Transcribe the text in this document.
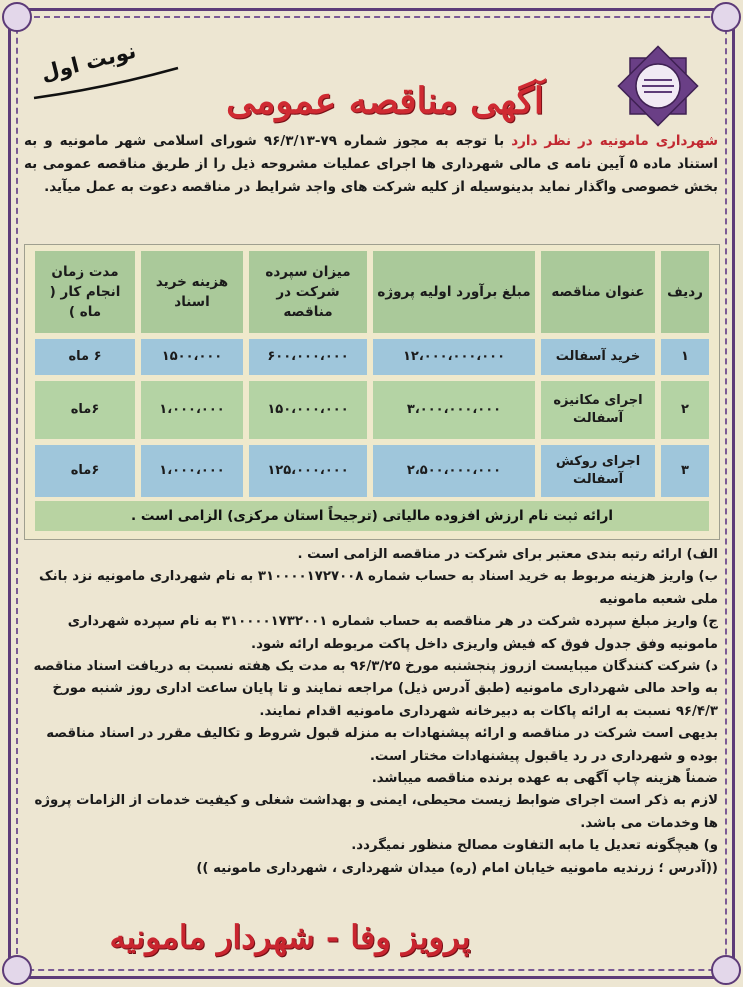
نوبت اول
آگهی مناقصه عمومی
شهرداری مامونیه در نظر دارد با توجه به مجوز شماره ۷۹-۹۶/۳/۱۳ شورای اسلامی شهر مامونیه و به استناد ماده ۵ آیین نامه ی مالی شهرداری ها اجرای عملیات مشروحه ذیل را از طریق مناقصه عمومی به بخش خصوصی واگذار نماید بدینوسیله از کلیه شرکت های واجد شرایط در مناقصه دعوت به عمل میآید.
ردیف
عنوان مناقصه
مبلغ برآورد اولیه پروژه
میزان سپرده شرکت در مناقصه
هزینه خرید اسناد
مدت زمان انجام کار ( ماه )
۱
خرید آسفالت
۱۲،۰۰۰،۰۰۰،۰۰۰
۶۰۰،۰۰۰،۰۰۰
۱۵۰۰،۰۰۰
۶ ماه
۲
اجرای مکانیزه آسفالت
۳،۰۰۰،۰۰۰،۰۰۰
۱۵۰،۰۰۰،۰۰۰
۱،۰۰۰،۰۰۰
۶ماه
۳
اجرای روکش آسفالت
۲،۵۰۰،۰۰۰،۰۰۰
۱۲۵،۰۰۰،۰۰۰
۱،۰۰۰،۰۰۰
۶ماه
ارائه ثبت نام ارزش افزوده مالیاتی (ترجیحاً استان مرکزی) الزامی است .

الف) ارائه رتبه بندی معتبر برای شرکت در مناقصه الزامی است .

ب) واریز هزینه مربوط به خرید اسناد به حساب شماره ۳۱۰۰۰۰۱۷۲۷۰۰۸ به نام شهرداری مامونیه نزد بانک ملی شعبه مامونیه

ج) واریز مبلغ سپرده شرکت در هر مناقصه به حساب شماره ۳۱۰۰۰۰۱۷۳۲۰۰۱ به نام سپرده شهرداری مامونیه وفق جدول فوق که فیش واریزی داخل پاکت مربوطه ارائه شود.

د) شرکت کنندگان میبایست ازروز پنجشنبه مورخ ۹۶/۳/۲۵ به مدت یک هفته نسبت به دریافت اسناد مناقصه به واحد مالی شهرداری مامونیه (طبق آدرس ذیل) مراجعه نمایند و تا پایان ساعت اداری روز شنبه مورخ ۹۶/۴/۳ نسبت به ارائه پاکات به دبیرخانه شهرداری مامونیه اقدام نمایند.

بدیهی است شرکت در مناقصه و ارائه پیشنهادات به منزله قبول شروط و تکالیف مقرر در اسناد مناقصه بوده و شهرداری در رد یاقبول پیشنهادات مختار است.

ضمناً هزینه چاپ آگهی به عهده برنده مناقصه میباشد.

لازم به ذکر است اجرای ضوابط زیست محیطی، ایمنی و بهداشت شغلی و کیفیت خدمات از الزامات پروژه ها وخدمات می باشد.

و) هیچگونه تعدیل یا مابه التفاوت مصالح منظور نمیگردد.

((آدرس ؛ زرندیه مامونیه خیابان امام (ره) میدان شهرداری ، شهرداری مامونیه ))

پرویز وفا - شهردار مامونیه
